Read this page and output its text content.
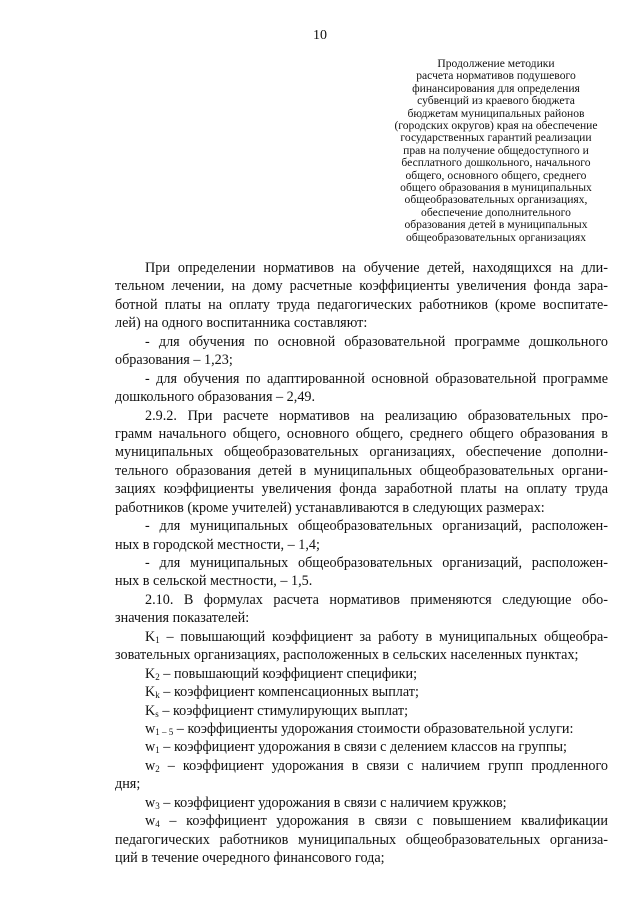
10
Продолжение методики
расчета нормативов подушевого
финансирования для определения
субвенций из краевого бюджета
бюджетам муниципальных районов
(городских округов) края на обеспечение
государственных гарантий реализации
прав на получение общедоступного и
бесплатного дошкольного, начального
общего, основного общего, среднего
общего образования в муниципальных
общеобразовательных организациях,
обеспечение дополнительного
образования детей в муниципальных
общеобразовательных организациях
При определении нормативов на обучение детей, находящихся на дли-
тельном лечении, на дому расчетные коэффициенты увеличения фонда зара-
ботной платы на оплату труда педагогических работников (кроме воспитате-
лей) на одного воспитанника составляют:
- для обучения по основной образовательной программе дошкольного
образования – 1,23;
- для обучения по адаптированной основной образовательной программе
дошкольного образования – 2,49.
2.9.2. При расчете нормативов на реализацию образовательных про-
грамм начального общего, основного общего, среднего общего образования в
муниципальных общеобразовательных организациях, обеспечение дополни-
тельного образования детей в муниципальных общеобразовательных органи-
зациях коэффициенты увеличения фонда заработной платы на оплату труда
работников (кроме учителей) устанавливаются в следующих размерах:
- для муниципальных общеобразовательных организаций, расположен-
ных в городской местности, – 1,4;
- для муниципальных общеобразовательных организаций, расположен-
ных в сельской местности, – 1,5.
2.10. В формулах расчета нормативов применяются следующие обо-
значения показателей:
$K_1$ – повышающий коэффициент за работу в муниципальных общеобра-
зовательных организациях, расположенных в сельских населенных пунктах;
$K_2$ – повышающий коэффициент специфики;
$K_k$ – коэффициент компенсационных выплат;
$K_s$ – коэффициент стимулирующих выплат;
$w_{1 - 5}$ – коэффициенты удорожания стоимости образовательной услуги:
$w_1$ – коэффициент удорожания в связи с делением классов на группы;
$w_2$ – коэффициент удорожания в связи с наличием групп продленного
дня;
$w_3$ – коэффициент удорожания в связи с наличием кружков;
$w_4$ – коэффициент удорожания в связи с повышением квалификации
педагогических работников муниципальных общеобразовательных организа-
ций в течение очередного финансового года;
